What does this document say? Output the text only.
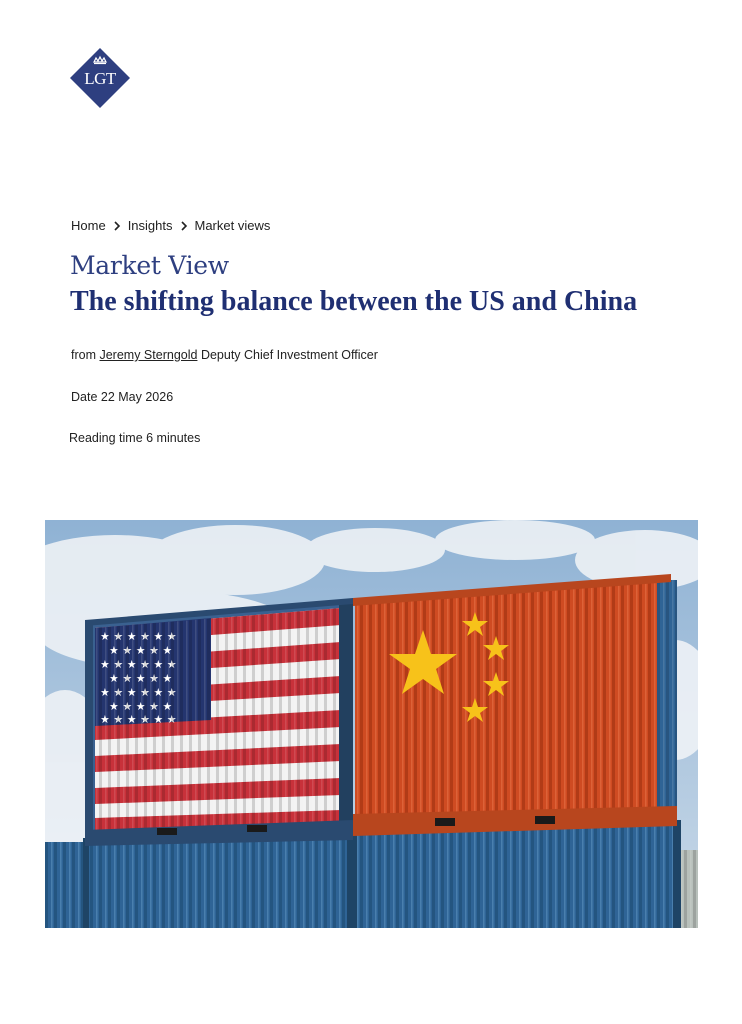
LGT
Home Insights Market views
Market View
The shifting balance between the US and China
from Jeremy Sterngold Deputy Chief Investment Officer
Date 22 May 2026
Reading time 6 minutes
